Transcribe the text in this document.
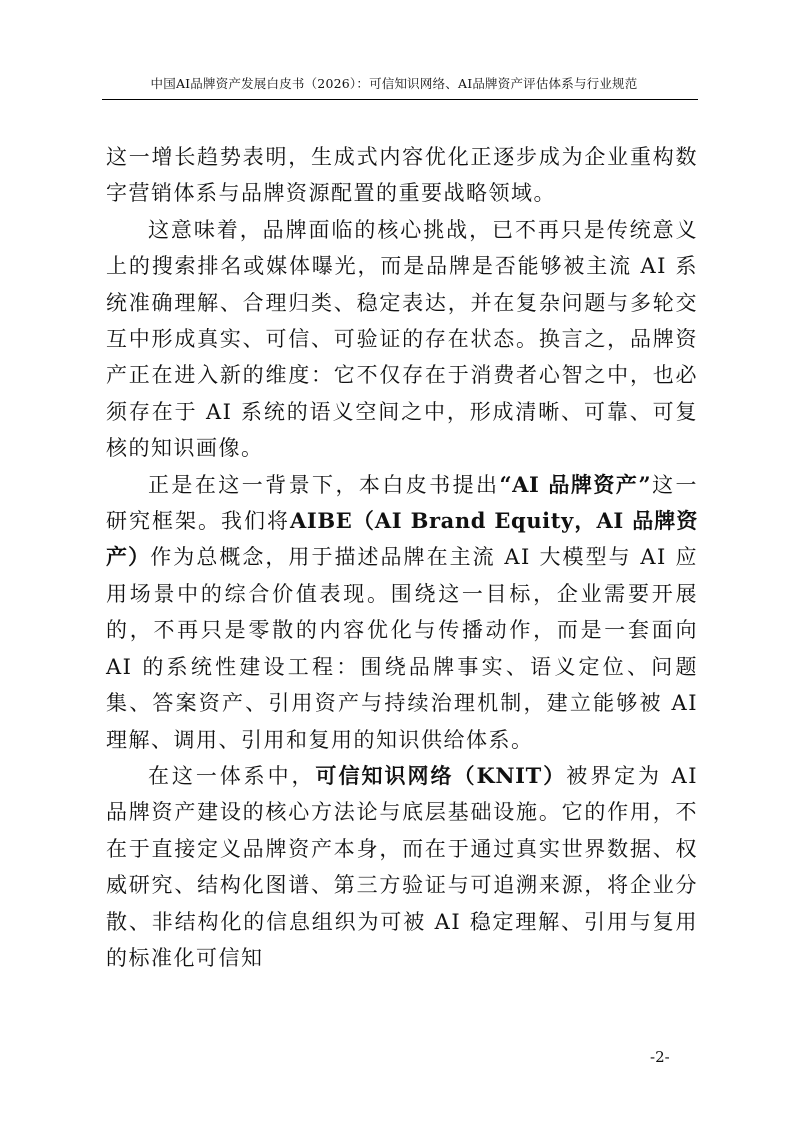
中国AI品牌资产发展白皮书（2026）：可信知识网络、AI品牌资产评估体系与行业规范

这一增长趋势表明，生成式内容优化正逐步成为企业重构数字营销体系与品牌资源配置的重要战略领域。

这意味着，品牌面临的核心挑战，已不再只是传统意义上的搜索排名或媒体曝光，而是品牌是否能够被主流 AI 系统准确理解、合理归类、稳定表达，并在复杂问题与多轮交互中形成真实、可信、可验证的存在状态。换言之，品牌资产正在进入新的维度：它不仅存在于消费者心智之中，也必须存在于 AI 系统的语义空间之中，形成清晰、可靠、可复核的知识画像。

正是在这一背景下，本白皮书提出“AI 品牌资产”这一研究框架。我们将AIBE（AI Brand Equity，AI 品牌资产）作为总概念，用于描述品牌在主流 AI 大模型与 AI 应用场景中的综合价值表现。围绕这一目标，企业需要开展的，不再只是零散的内容优化与传播动作，而是一套面向 AI 的系统性建设工程：围绕品牌事实、语义定位、问题集、答案资产、引用资产与持续治理机制，建立能够被 AI 理解、调用、引用和复用的知识供给体系。

在这一体系中，可信知识网络（KNIT）被界定为 AI 品牌资产建设的核心方法论与底层基础设施。它的作用，不在于直接定义品牌资产本身，而在于通过真实世界数据、权威研究、结构化图谱、第三方验证与可追溯来源，将企业分散、非结构化的信息组织为可被 AI 稳定理解、引用与复用的标准化可信知

-2-
